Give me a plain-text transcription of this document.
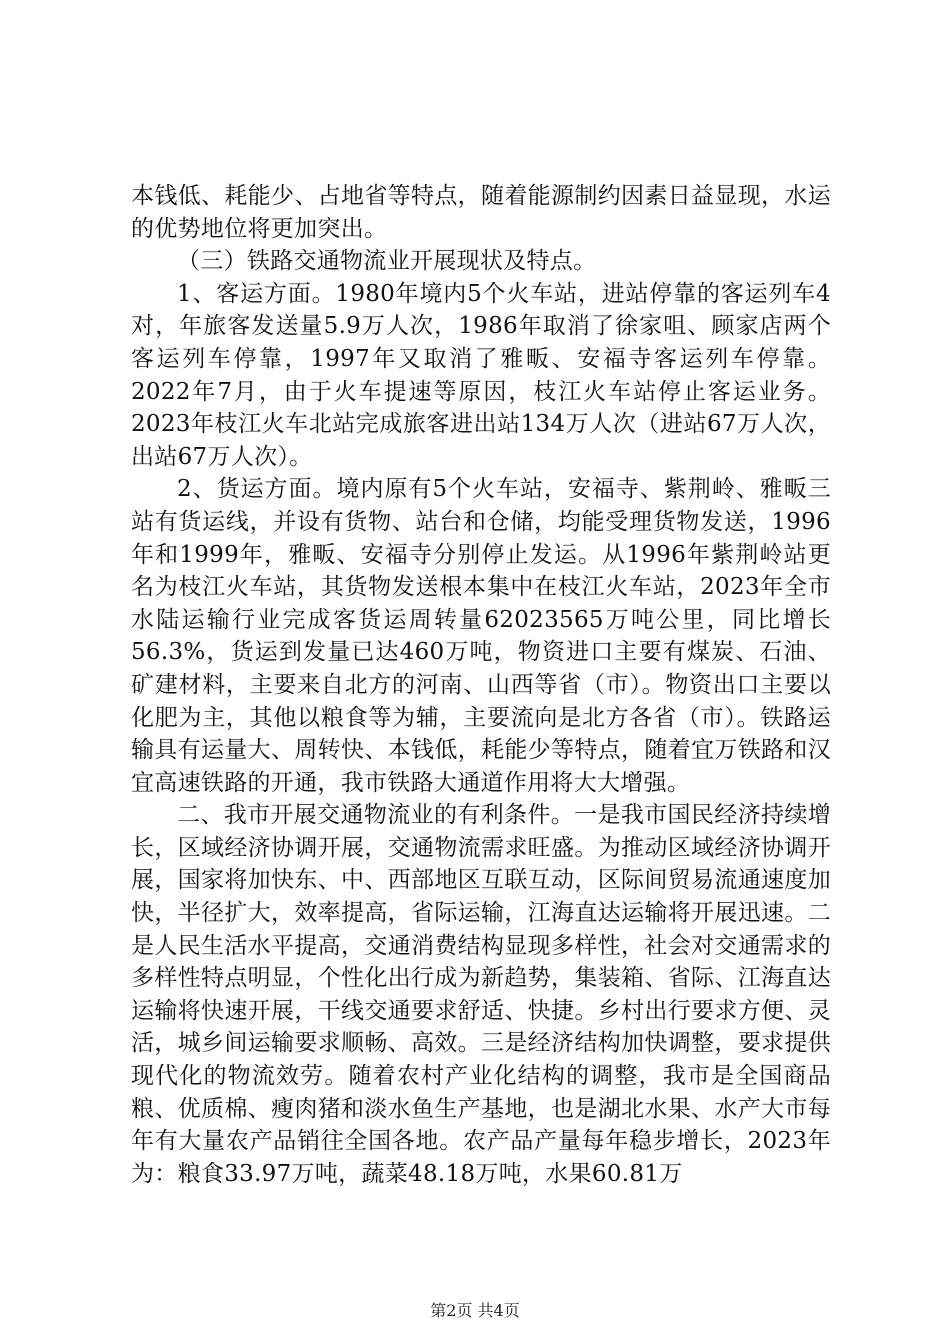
本钱低、耗能少、占地省等特点，随着能源制约因素日益显现，水运的优势地位将更加突出。

（三）铁路交通物流业开展现状及特点。

1、客运方面。1980年境内5个火车站，进站停靠的客运列车4对，年旅客发送量5.9万人次，1986年取消了徐家咀、顾家店两个客运列车停靠，1997年又取消了雅畈、安福寺客运列车停靠。2022年7月，由于火车提速等原因，枝江火车站停止客运业务。2023年枝江火车北站完成旅客进出站134万人次（进站67万人次，出站67万人次）。

2、货运方面。境内原有5个火车站，安福寺、紫荆岭、雅畈三站有货运线，并设有货物、站台和仓储，均能受理货物发送，1996年和1999年，雅畈、安福寺分别停止发运。从1996年紫荆岭站更名为枝江火车站，其货物发送根本集中在枝江火车站，2023年全市水陆运输行业完成客货运周转量62023565万吨公里，同比增长56.3%，货运到发量已达460万吨，物资进口主要有煤炭、石油、矿建材料，主要来自北方的河南、山西等省（市）。物资出口主要以化肥为主，其他以粮食等为辅，主要流向是北方各省（市）。铁路运输具有运量大、周转快、本钱低，耗能少等特点，随着宜万铁路和汉宜高速铁路的开通，我市铁路大通道作用将大大增强。

二、我市开展交通物流业的有利条件。一是我市国民经济持续增长，区域经济协调开展，交通物流需求旺盛。为推动区域经济协调开展，国家将加快东、中、西部地区互联互动，区际间贸易流通速度加快，半径扩大，效率提高，省际运输，江海直达运输将开展迅速。二是人民生活水平提高，交通消费结构显现多样性，社会对交通需求的多样性特点明显，个性化出行成为新趋势，集装箱、省际、江海直达运输将快速开展，干线交通要求舒适、快捷。乡村出行要求方便、灵活，城乡间运输要求顺畅、高效。三是经济结构加快调整，要求提供现代化的物流效劳。随着农村产业化结构的调整，我市是全国商品粮、优质棉、瘦肉猪和淡水鱼生产基地，也是湖北水果、水产大市每年有大量农产品销往全国各地。农产品产量每年稳步增长，2023年为：粮食33.97万吨，蔬菜48.18万吨，水果60.81万

第2页 共4页
